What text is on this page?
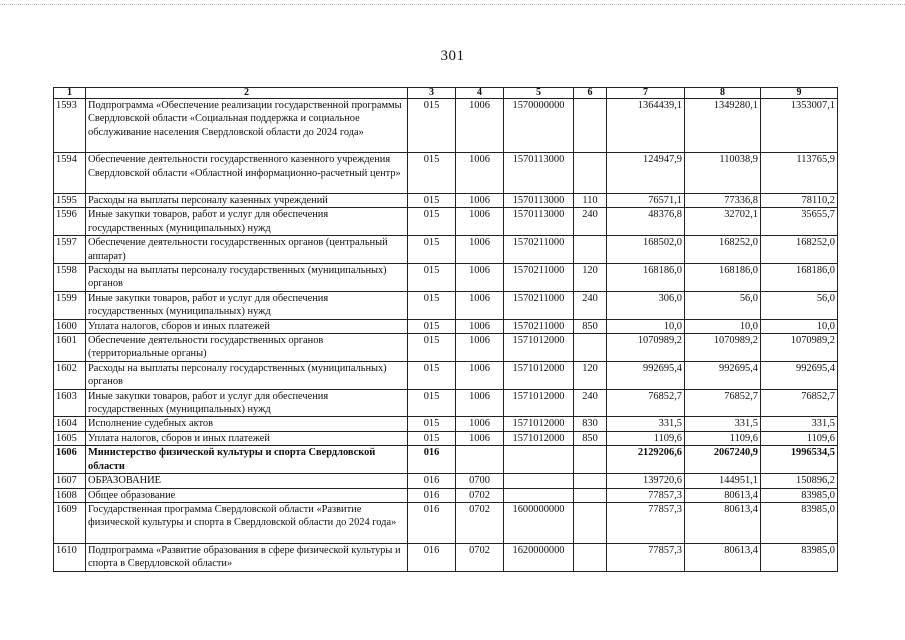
301
1	2	3	4	5	6	7	8	9
1593	Подпрограмма «Обеспечение реализации государственной программы Свердловской области «Социальная поддержка и социальное обслуживание населения Свердловской области до 2024 года»	015	1006	1570000000		1364439,1	1349280,1	1353007,1
1594	Обеспечение деятельности государственного казенного учреждения Свердловской области «Областной информационно-расчетный центр»	015	1006	1570113000		124947,9	110038,9	113765,9
1595	Расходы на выплаты персоналу казенных учреждений	015	1006	1570113000	110	76571,1	77336,8	78110,2
1596	Иные закупки товаров, работ и услуг для обеспечения государственных (муниципальных) нужд	015	1006	1570113000	240	48376,8	32702,1	35655,7
1597	Обеспечение деятельности государственных органов (центральный аппарат)	015	1006	1570211000		168502,0	168252,0	168252,0
1598	Расходы на выплаты персоналу государственных (муниципальных) органов	015	1006	1570211000	120	168186,0	168186,0	168186,0
1599	Иные закупки товаров, работ и услуг для обеспечения государственных (муниципальных) нужд	015	1006	1570211000	240	306,0	56,0	56,0
1600	Уплата налогов, сборов и иных платежей	015	1006	1570211000	850	10,0	10,0	10,0
1601	Обеспечение деятельности государственных органов (территориальные органы)	015	1006	1571012000		1070989,2	1070989,2	1070989,2
1602	Расходы на выплаты персоналу государственных (муниципальных) органов	015	1006	1571012000	120	992695,4	992695,4	992695,4
1603	Иные закупки товаров, работ и услуг для обеспечения государственных (муниципальных) нужд	015	1006	1571012000	240	76852,7	76852,7	76852,7
1604	Исполнение судебных актов	015	1006	1571012000	830	331,5	331,5	331,5
1605	Уплата налогов, сборов и иных платежей	015	1006	1571012000	850	1109,6	1109,6	1109,6
1606	Министерство физической культуры и спорта Свердловской области	016				2129206,6	2067240,9	1996534,5
1607	ОБРАЗОВАНИЕ	016	0700			139720,6	144951,1	150896,2
1608	Общее образование	016	0702			77857,3	80613,4	83985,0
1609	Государственная программа Свердловской области «Развитие физической культуры и спорта в Свердловской области до 2024 года»	016	0702	1600000000		77857,3	80613,4	83985,0
1610	Подпрограмма «Развитие образования в сфере физической культуры и спорта в Свердловской области»	016	0702	1620000000		77857,3	80613,4	83985,0
